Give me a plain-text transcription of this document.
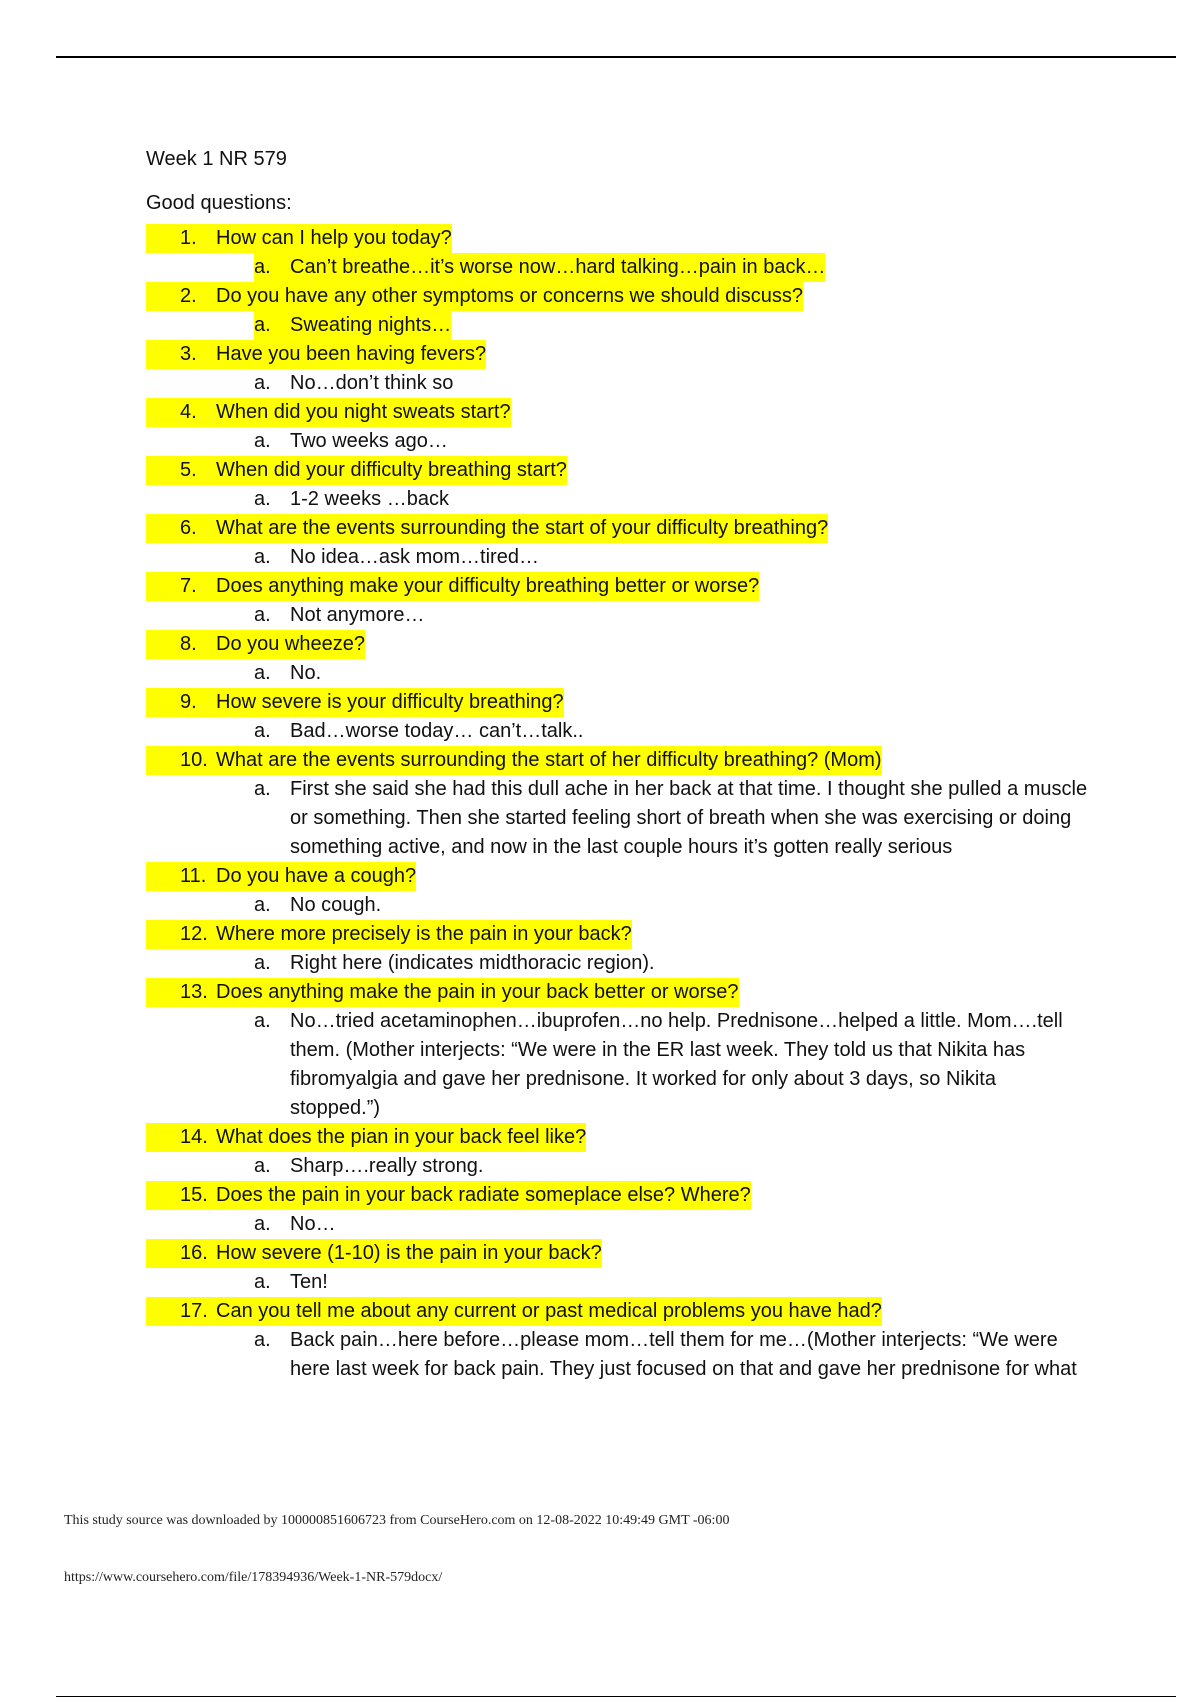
Week 1 NR 579
Good questions:
1. How can I help you today?
a. Can’t breathe…it’s worse now…hard talking…pain in back…
2. Do you have any other symptoms or concerns we should discuss?
a. Sweating nights…
3. Have you been having fevers?
a. No…don’t think so
4. When did you night sweats start?
a. Two weeks ago…
5. When did your difficulty breathing start?
a. 1-2 weeks …back
6. What are the events surrounding the start of your difficulty breathing?
a. No idea…ask mom…tired…
7. Does anything make your difficulty breathing better or worse?
a. Not anymore…
8. Do you wheeze?
a. No.
9. How severe is your difficulty breathing?
a. Bad…worse today… can’t…talk..
10. What are the events surrounding the start of her difficulty breathing? (Mom)
a. First she said she had this dull ache in her back at that time. I thought she pulled a muscle or something. Then she started feeling short of breath when she was exercising or doing something active, and now in the last couple hours it’s gotten really serious
11. Do you have a cough?
a. No cough.
12. Where more precisely is the pain in your back?
a. Right here (indicates midthoracic region).
13. Does anything make the pain in your back better or worse?
a. No…tried acetaminophen…ibuprofen…no help. Prednisone…helped a little. Mom….tell them. (Mother interjects: “We were in the ER last week. They told us that Nikita has fibromyalgia and gave her prednisone. It worked for only about 3 days, so Nikita stopped.”)
14. What does the pian in your back feel like?
a. Sharp….really strong.
15. Does the pain in your back radiate someplace else? Where?
a. No…
16. How severe (1-10) is the pain in your back?
a. Ten!
17. Can you tell me about any current or past medical problems you have had?
a. Back pain…here before…please mom…tell them for me…(Mother interjects: “We were here last week for back pain. They just focused on that and gave her prednisone for what
This study source was downloaded by 100000851606723 from CourseHero.com on 12-08-2022 10:49:49 GMT -06:00
https://www.coursehero.com/file/178394936/Week-1-NR-579docx/
